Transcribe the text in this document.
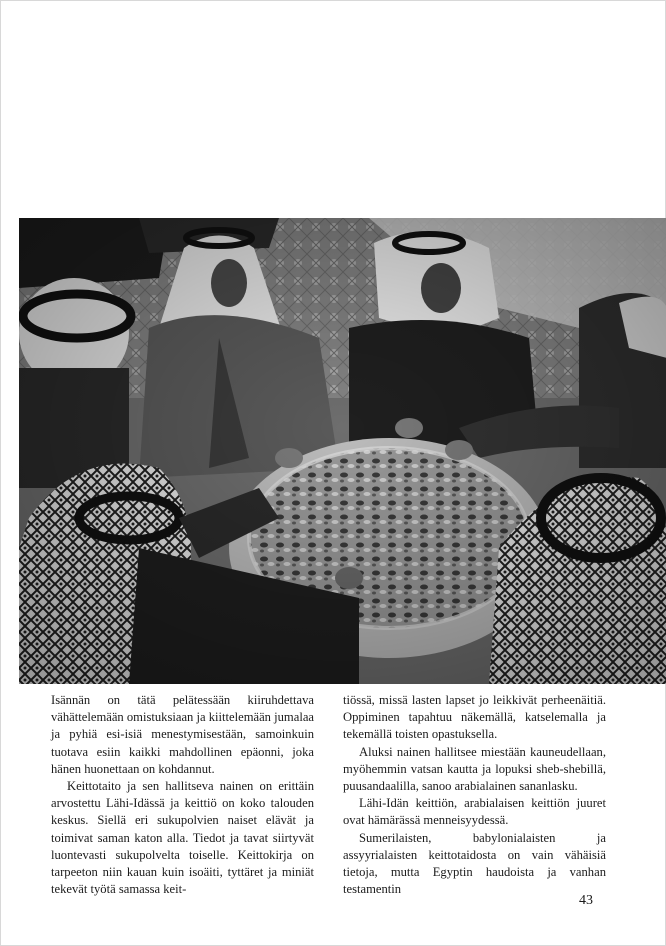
Isännän on tätä pelätessään kiiruhdettava vähättelemään omistuksiaan ja kiittelemään jumalaa ja pyhiä esi-isiä menestymisestään, samoinkuin tuotava esiin kaikki mahdollinen epäonni, joka hänen huonettaan on kohdannut.

Keittotaito ja sen hallitseva nainen on erittäin arvostettu Lähi-Idässä ja keittiö on koko talouden keskus. Siellä eri sukupolvien naiset elävät ja toimivat saman katon alla. Tiedot ja tavat siirtyvät luontevasti sukupolvelta toiselle. Keittokirja on tarpeeton niin kauan kuin isoäiti, tyttäret ja miniät tekevät työtä samassa keit-

tiössä, missä lasten lapset jo leikkivät perheenäitiä. Oppiminen tapahtuu näkemällä, katselemalla ja tekemällä toisten opastuksella.

Aluksi nainen hallitsee miestään kauneudellaan, myöhemmin vatsan kautta ja lopuksi sheb-shebillä, puusandaalilla, sanoo arabialainen sananlasku.

Lähi-Idän keittiön, arabialaisen keittiön juuret ovat hämärässä menneisyydessä.

Sumerilaisten, babylonialaisten ja assyyrialaisten keittotaidosta on vain vähäisiä tietoja, mutta Egyptin haudoista ja vanhan testamentin

43
